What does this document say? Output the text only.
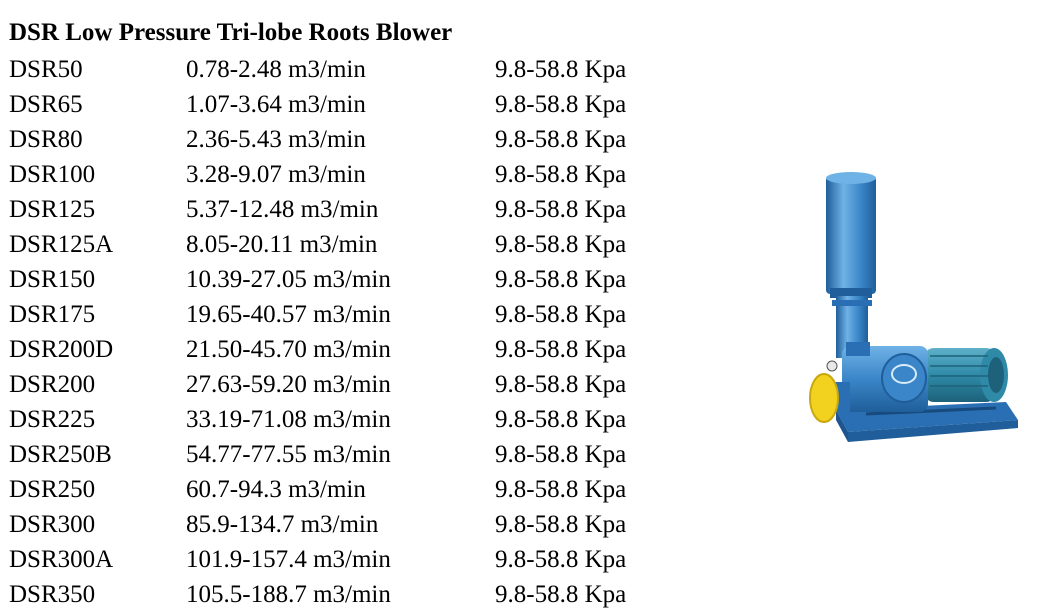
DSR Low Pressure Tri-lobe Roots Blower
DSR50	0.78-2.48 m3/min	9.8-58.8 Kpa
DSR65	1.07-3.64 m3/min	9.8-58.8 Kpa
DSR80	2.36-5.43 m3/min	9.8-58.8 Kpa
DSR100	3.28-9.07 m3/min	9.8-58.8 Kpa
DSR125	5.37-12.48 m3/min	9.8-58.8 Kpa
DSR125A	8.05-20.11 m3/min	9.8-58.8 Kpa
DSR150	10.39-27.05 m3/min	9.8-58.8 Kpa
DSR175	19.65-40.57 m3/min	9.8-58.8 Kpa
DSR200D	21.50-45.70 m3/min	9.8-58.8 Kpa
DSR200	27.63-59.20 m3/min	9.8-58.8 Kpa
DSR225	33.19-71.08 m3/min	9.8-58.8 Kpa
DSR250B	54.77-77.55 m3/min	9.8-58.8 Kpa
DSR250	60.7-94.3 m3/min	9.8-58.8 Kpa
DSR300	85.9-134.7 m3/min	9.8-58.8 Kpa
DSR300A	101.9-157.4 m3/min	9.8-58.8 Kpa
DSR350	105.5-188.7 m3/min	9.8-58.8 Kpa
